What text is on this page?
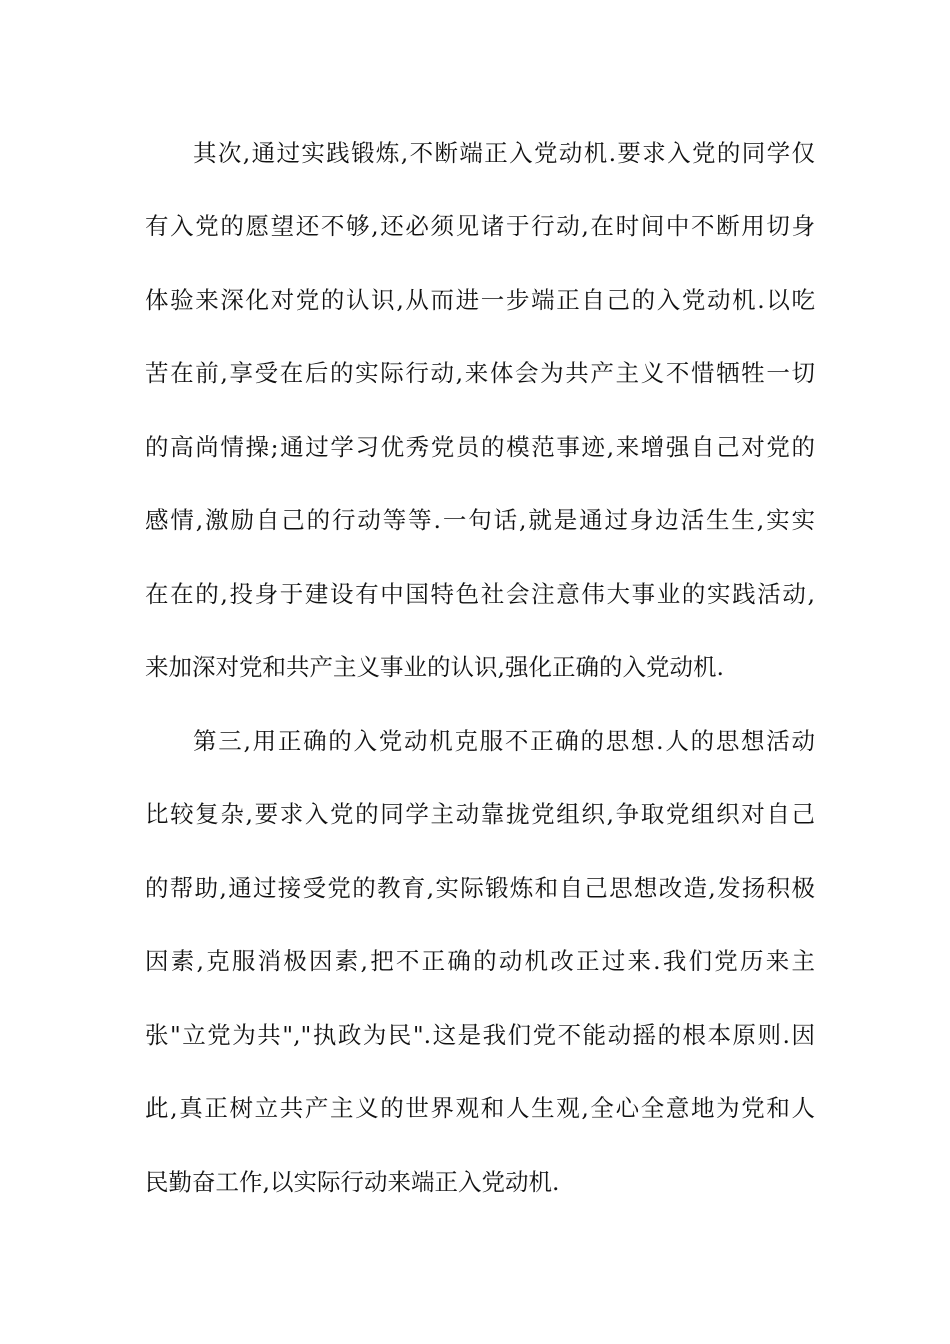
其次,通过实践锻炼,不断端正入党动机.要求入党的同学仅
有入党的愿望还不够,还必须见诸于行动,在时间中不断用切身
体验来深化对党的认识,从而进一步端正自己的入党动机.以吃
苦在前,享受在后的实际行动,来体会为共产主义不惜牺牲一切
的高尚情操;通过学习优秀党员的模范事迹,来增强自己对党的
感情,激励自己的行动等等.一句话,就是通过身边活生生,实实
在在的,投身于建设有中国特色社会注意伟大事业的实践活动,
来加深对党和共产主义事业的认识,强化正确的入党动机.
第三,用正确的入党动机克服不正确的思想.人的思想活动
比较复杂,要求入党的同学主动靠拢党组织,争取党组织对自己
的帮助,通过接受党的教育,实际锻炼和自己思想改造,发扬积极
因素,克服消极因素,把不正确的动机改正过来.我们党历来主
张"立党为共","执政为民".这是我们党不能动摇的根本原则.因
此,真正树立共产主义的世界观和人生观,全心全意地为党和人
民勤奋工作,以实际行动来端正入党动机.
